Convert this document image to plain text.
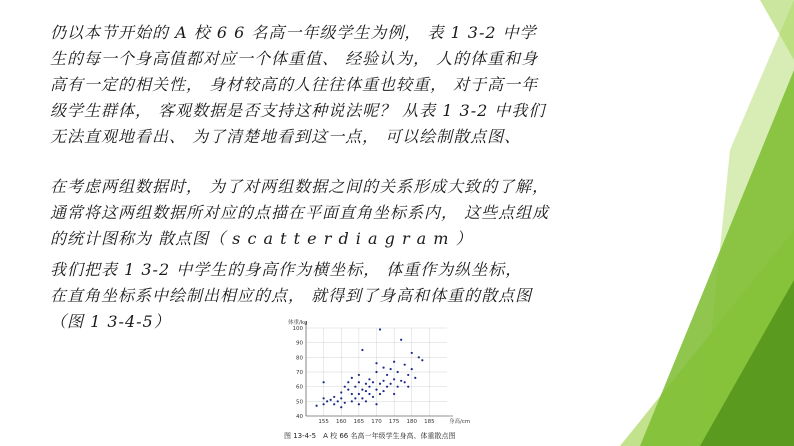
仍以本节开始的 A 校 6 6 名高一年级学生为例， 表 1 3-2 中学
生的每一个身高值都对应一个体重值、 经验认为， 人的体重和身
高有一定的相关性， 身材较高的人往往体重也较重， 对于高一年
级学生群体， 客观数据是否支持这种说法呢？ 从表 1 3-2 中我们
无法直观地看出、 为了清楚地看到这一点， 可以绘制散点图、
在考虑两组数据时， 为了对两组数据之间的关系形成大致的了解，
通常将这两组数据所对应的点描在平面直角坐标系内， 这些点组成
的统计图称为 散点图（ s c a t t e r d i a g r a m ）
我们把表 1 3-2 中学生的身高作为横坐标， 体重作为纵坐标，
在直角坐标系中绘制出相应的点， 就得到了身高和体重的散点图
（图 1 3-4-5）
40
50
60
70
80
90
100
155 160 165 170 175 180 185
体重/kg
身高/cm
图 13-4-5　A 校 66 名高一年级学生身高、体重散点图
